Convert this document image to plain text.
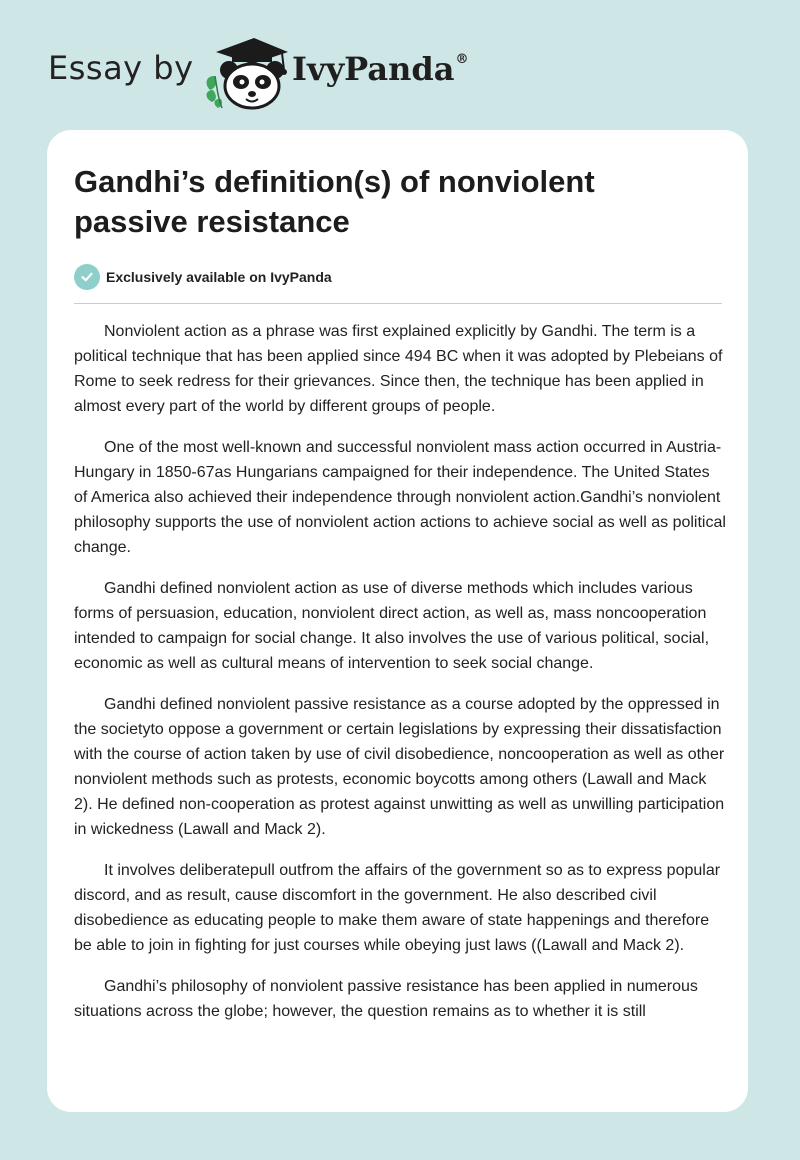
Essay by	IvyPanda®
Gandhi’s definition(s) of nonviolent passive resistance
Exclusively available on IvyPanda

Nonviolent action as a phrase was first explained explicitly by Gandhi. The term is a political technique that has been applied since 494 BC when it was adopted by Plebeians of Rome to seek redress for their grievances. Since then, the technique has been applied in almost every part of the world by different groups of people.

One of the most well-known and successful nonviolent mass action occurred in Austria-Hungary in 1850-67as Hungarians campaigned for their independence. The United States of America also achieved their independence through nonviolent action.Gandhi’s nonviolent philosophy supports the use of nonviolent action actions to achieve social as well as political change.

Gandhi defined nonviolent action as use of diverse methods which includes various forms of persuasion, education, nonviolent direct action, as well as, mass noncooperation intended to campaign for social change. It also involves the use of various political, social, economic as well as cultural means of intervention to seek social change.

Gandhi defined nonviolent passive resistance as a course adopted by the oppressed in the societyto oppose a government or certain legislations by expressing their dissatisfaction with the course of action taken by use of civil disobedience, noncooperation as well as other nonviolent methods such as protests, economic boycotts among others (Lawall and Mack 2). He defined non-cooperation as protest against unwitting as well as unwilling participation in wickedness (Lawall and Mack 2).

It involves deliberatepull outfrom the affairs of the government so as to express popular discord, and as result, cause discomfort in the government. He also described civil disobedience as educating people to make them aware of state happenings and therefore be able to join in fighting for just courses while obeying just laws ((Lawall and Mack 2).

Gandhi’s philosophy of nonviolent passive resistance has been applied in numerous situations across the globe; however, the question remains as to whether it is still
